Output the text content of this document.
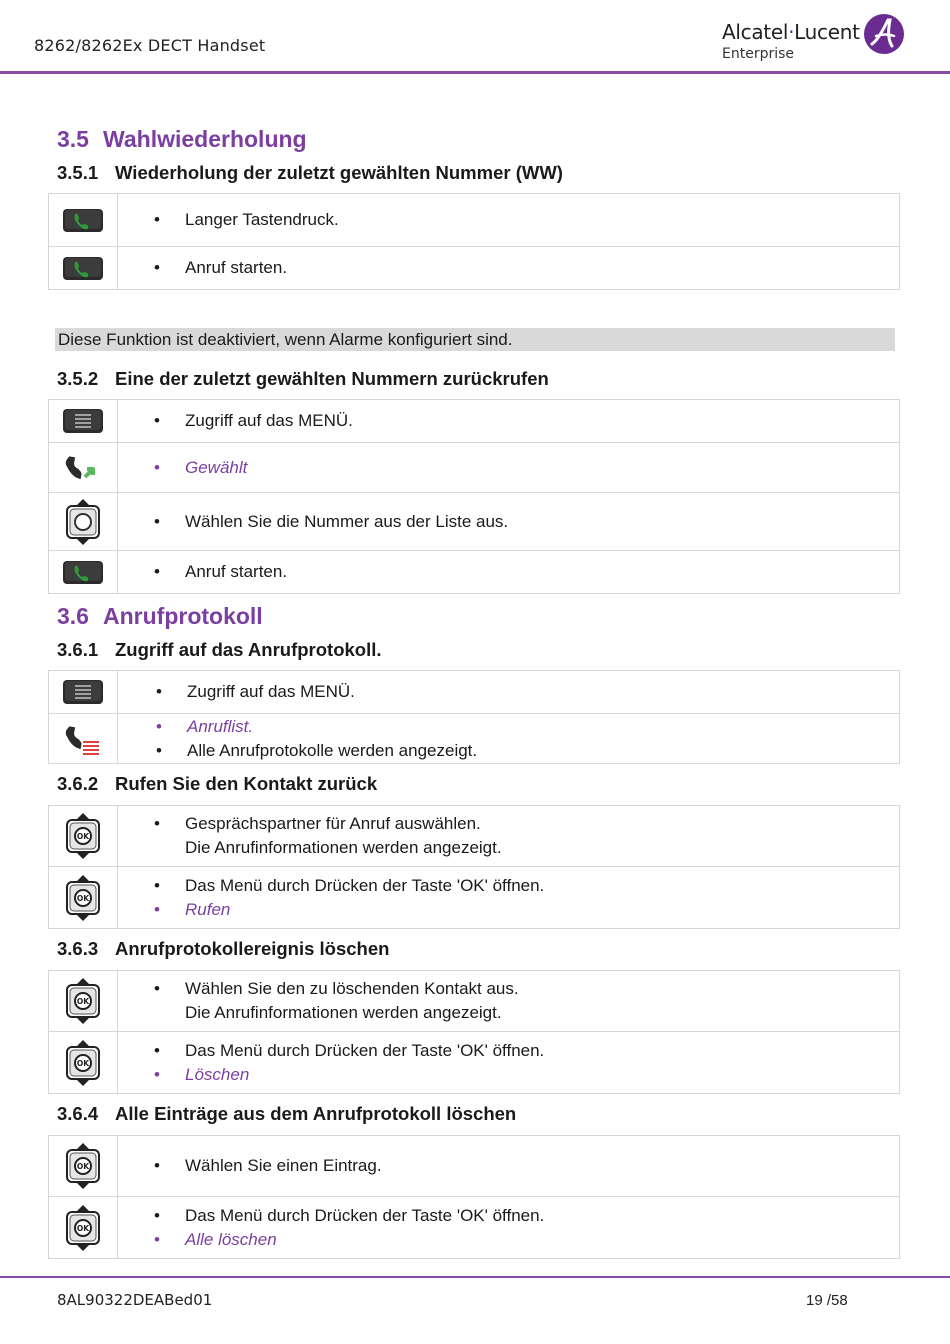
8262/8262Ex DECT Handset
Alcatel·Lucent
Enterprise
3.5 Wahlwiederholung
3.5.1 Wiederholung der zuletzt gewählten Nummer (WW)

• Langer Tastendruck.

• Anruf starten.
Diese Funktion ist deaktiviert, wenn Alarme konfiguriert sind.
3.5.2 Eine der zuletzt gewählten Nummern zurückrufen

• Zugriff auf das MENÜ.

• Gewählt

• Wählen Sie die Nummer aus der Liste aus.

• Anruf starten.
3.6 Anrufprotokoll
3.6.1 Zugriff auf das Anrufprotokoll.

• Zugriff auf das MENÜ.

• Anruflist.
• Alle Anrufprotokolle werden angezeigt.
3.6.2 Rufen Sie den Kontakt zurück
OK	• Gesprächspartner für Anruf auswählen.
Die Anrufinformationen werden angezeigt.

OK	• Das Menü durch Drücken der Taste 'OK' öffnen.
• Rufen
3.6.3 Anrufprotokollereignis löschen
OK	• Wählen Sie den zu löschenden Kontakt aus.
Die Anrufinformationen werden angezeigt.

OK	• Das Menü durch Drücken der Taste 'OK' öffnen.
• Löschen
3.6.4 Alle Einträge aus dem Anrufprotokoll löschen
OK	• Wählen Sie einen Eintrag.

OK	• Das Menü durch Drücken der Taste 'OK' öffnen.
• Alle löschen
8AL90322DEABed01	19 /58
